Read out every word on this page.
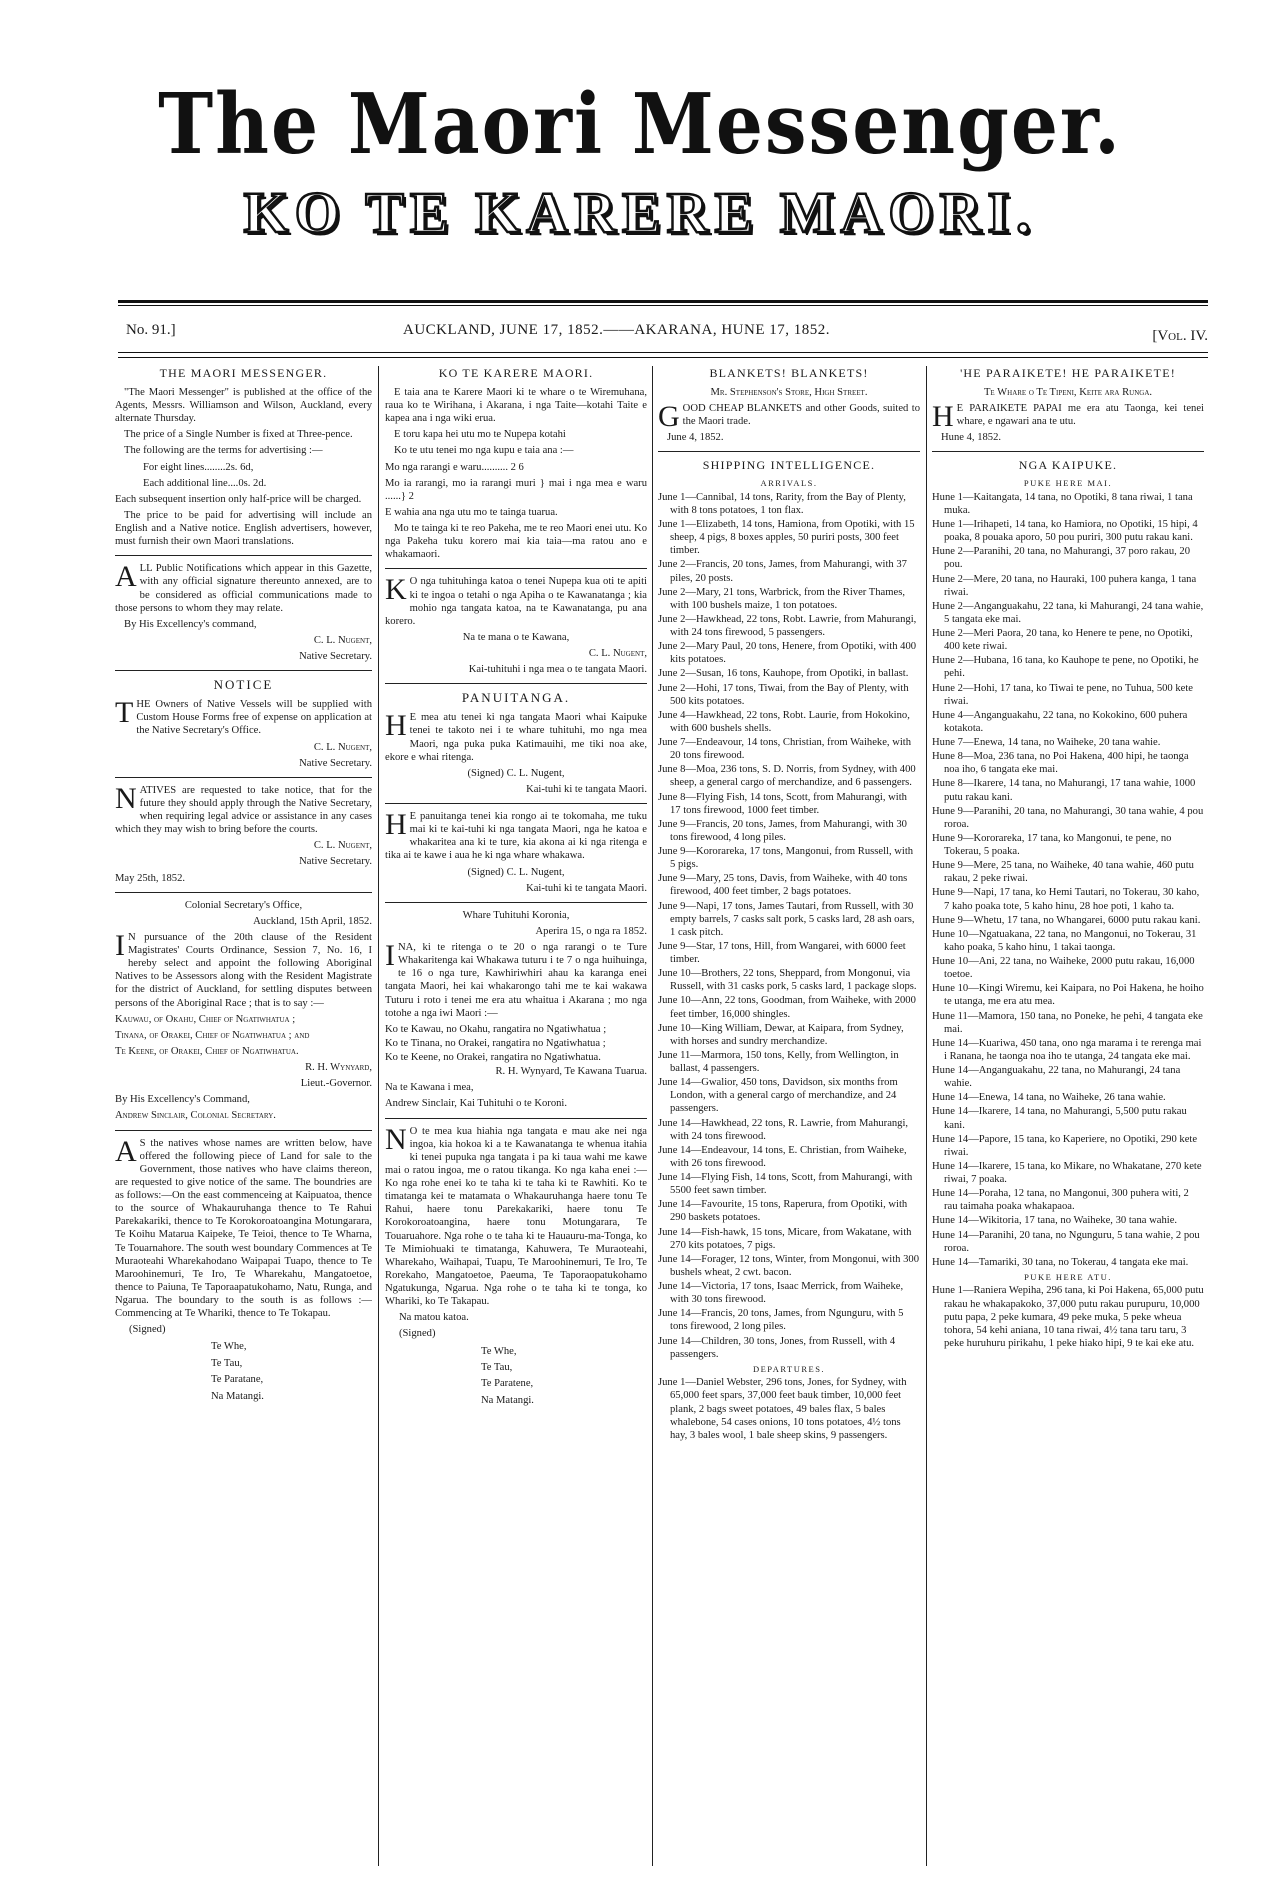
The Maori Messenger.
KO TE KARERE MAORI.
No. 91.]	AUCKLAND, JUNE 17, 1852.——AKARANA, HUNE 17, 1852.	[Vol. IV.
THE MAORI MESSENGER.

"The Maori Messenger" is published at the office of the Agents, Messrs. Williamson and Wilson, Auckland, every alternate Thursday.

The price of a Single Number is fixed at Three-pence.

The following are the terms for advertising :—

For eight lines........2s. 6d,

Each additional line....0s. 2d.

Each subsequent insertion only half-price will be charged.

The price to be paid for advertising will include an English and a Native notice. English advertisers, however, must furnish their own Maori translations.

ALL Public Notifications which appear in this Gazette, with any official signature thereunto annexed, are to be considered as official communications made to those persons to whom they may relate.

By His Excellency's command,

C. L. Nugent,

Native Secretary.

NOTICE

THE Owners of Native Vessels will be supplied with Custom House Forms free of expense on application at the Native Secretary's Office.

C. L. Nugent,

Native Secretary.

NATIVES are requested to take notice, that for the future they should apply through the Native Secretary, when requiring legal advice or assistance in any cases which they may wish to bring before the courts.

C. L. Nugent,

Native Secretary.

May 25th, 1852.

Colonial Secretary's Office,

Auckland, 15th April, 1852.

IN pursuance of the 20th clause of the Resident Magistrates' Courts Ordinance, Session 7, No. 16, I hereby select and appoint the following Aboriginal Natives to be Assessors along with the Resident Magistrate for the district of Auckland, for settling disputes between persons of the Aboriginal Race ; that is to say :—

Kauwau, of Okahu, Chief of Ngatiwhatua ;

Tinana, of Orakei, Chief of Ngatiwhatua ; and

Te Keene, of Orakei, Chief of Ngatiwhatua.

R. H. Wynyard,

Lieut.-Governor.

By His Excellency's Command,

Andrew Sinclair, Colonial Secretary.

AS the natives whose names are written below, have offered the following piece of Land for sale to the Government, those natives who have claims thereon, are requested to give notice of the same. The boundries are as follows:—On the east commenceing at Kaipuatoa, thence to the source of Whakauruhanga thence to Te Rahui Parekakariki, thence to Te Korokoroatoangina Motungarara, Te Koihu Matarua Kaipeke, Te Teioi, thence to Te Wharna, Te Touarnahore. The south west boundary Commences at Te Muraoteahi Wharekahodano Waipapai Tuapo, thence to Te Maroohinemuri, Te Iro, Te Wharekahu, Mangatoetoe, thence to Paiuna, Te Taporaapatukohamo, Natu, Runga, and Ngarua. The boundary to the south is as follows :—Commencing at Te Whariki, thence to Te Tokapau.

(Signed)

Te Whe,
Te Tau,
Te Paratane,
Na Matangi.
KO TE KARERE MAORI.

E taia ana te Karere Maori ki te whare o te Wiremuhana, raua ko te Wirihana, i Akarana, i nga Taite—kotahi Taite e kapea ana i nga wiki erua.

E toru kapa hei utu mo te Nupepa kotahi

Ko te utu tenei mo nga kupu e taia ana :—

Mo nga rarangi e waru.......... 2 6

Mo ia rarangi, mo ia rarangi muri } mai i nga mea e waru ......} 2

E wahia ana nga utu mo te tainga tuarua.

Mo te tainga ki te reo Pakeha, me te reo Maori enei utu. Ko nga Pakeha tuku korero mai kia taia—ma ratou ano e whakamaori.

KO nga tuhituhinga katoa o tenei Nupepa kua oti te apiti ki te ingoa o tetahi o nga Apiha o te Kawanatanga ; kia mohio nga tangata katoa, na te Kawanatanga, pu ana korero.

Na te mana o te Kawana,

C. L. Nugent,

Kai-tuhituhi i nga mea o te tangata Maori.

PANUITANGA.

HE mea atu tenei ki nga tangata Maori whai Kaipuke tenei te takoto nei i te whare tuhituhi, mo nga mea Maori, nga puka puka Katimauihi, me tiki noa ake, ekore e whai ritenga.

(Signed) C. L. Nugent,

Kai-tuhi ki te tangata Maori.

HE panuitanga tenei kia rongo ai te tokomaha, me tuku mai ki te kai-tuhi ki nga tangata Maori, nga he katoa e whakaritea ana ki te ture, kia akona ai ki nga ritenga e tika ai te kawe i aua he ki nga whare whakawa.

(Signed) C. L. Nugent,

Kai-tuhi ki te tangata Maori.

Whare Tuhituhi Koronia,

Aperira 15, o nga ra 1852.

INA, ki te ritenga o te 20 o nga rarangi o te Ture Whakaritenga kai Whakawa tuturu i te 7 o nga huihuinga, te 16 o nga ture, Kawhiriwhiri ahau ka karanga enei tangata Maori, hei kai whakarongo tahi me te kai wakawa Tuturu i roto i tenei me era atu whaitua i Akarana ; mo nga totohe a nga iwi Maori :—

Ko te Kawau, no Okahu, rangatira no Ngatiwhatua ;

Ko te Tinana, no Orakei, rangatira no Ngatiwhatua ;

Ko te Keene, no Orakei, rangatira no Ngatiwhatua.

R. H. Wynyard, Te Kawana Tuarua.

Na te Kawana i mea,

Andrew Sinclair, Kai Tuhituhi o te Koroni.

NO te mea kua hiahia nga tangata e mau ake nei nga ingoa, kia hokoa ki a te Kawanatanga te whenua itahia ki tenei pupuka nga tangata i pa ki taua wahi me kawe mai o ratou ingoa, me o ratou tikanga. Ko nga kaha enei :—Ko nga rohe enei ko te taha ki te taha ki te Rawhiti. Ko te timatanga kei te matamata o Whakauruhanga haere tonu Te Rahui, haere tonu Parekakariki, haere tonu Te Korokoroatoangina, haere tonu Motungarara, Te Touaruahore. Nga rohe o te taha ki te Hauauru-ma-Tonga, ko Te Mimiohuaki te timatanga, Kahuwera, Te Muraoteahi, Wharekaho, Waihapai, Tuapu, Te Maroohinemuri, Te Iro, Te Rorekaho, Mangatoetoe, Paeuma, Te Taporaopatukohamo Ngatukunga, Ngarua. Nga rohe o te taha ki te tonga, ko Whariki, ko Te Takapau.

Na matou katoa.

(Signed)

Te Whe,
Te Tau,
Te Paratene,
Na Matangi.
BLANKETS! BLANKETS!

Mr. Stephenson's Store, High Street.

GOOD CHEAP BLANKETS and other Goods, suited to the Maori trade.

June 4, 1852.

SHIPPING INTELLIGENCE.
ARRIVALS.

June 1—Cannibal, 14 tons, Rarity, from the Bay of Plenty, with 8 tons potatoes, 1 ton flax.

June 1—Elizabeth, 14 tons, Hamiona, from Opotiki, with 15 sheep, 4 pigs, 8 boxes apples, 50 puriri posts, 300 feet timber.

June 2—Francis, 20 tons, James, from Mahurangi, with 37 piles, 20 posts.

June 2—Mary, 21 tons, Warbrick, from the River Thames, with 100 bushels maize, 1 ton potatoes.

June 2—Hawkhead, 22 tons, Robt. Lawrie, from Mahurangi, with 24 tons firewood, 5 passengers.

June 2—Mary Paul, 20 tons, Henere, from Opotiki, with 400 kits potatoes.

June 2—Susan, 16 tons, Kauhope, from Opotiki, in ballast.

June 2—Hohi, 17 tons, Tiwai, from the Bay of Plenty, with 500 kits potatoes.

June 4—Hawkhead, 22 tons, Robt. Laurie, from Hokokino, with 600 bushels shells.

June 7—Endeavour, 14 tons, Christian, from Waiheke, with 20 tons firewood.

June 8—Moa, 236 tons, S. D. Norris, from Sydney, with 400 sheep, a general cargo of merchandize, and 6 passengers.

June 8—Flying Fish, 14 tons, Scott, from Mahurangi, with 17 tons firewood, 1000 feet timber.

June 9—Francis, 20 tons, James, from Mahurangi, with 30 tons firewood, 4 long piles.

June 9—Kororareka, 17 tons, Mangonui, from Russell, with 5 pigs.

June 9—Mary, 25 tons, Davis, from Waiheke, with 40 tons firewood, 400 feet timber, 2 bags potatoes.

June 9—Napi, 17 tons, James Tautari, from Russell, with 30 empty barrels, 7 casks salt pork, 5 casks lard, 28 ash oars, 1 cask pitch.

June 9—Star, 17 tons, Hill, from Wangarei, with 6000 feet timber.

June 10—Brothers, 22 tons, Sheppard, from Mongonui, via Russell, with 31 casks pork, 5 casks lard, 1 package slops.

June 10—Ann, 22 tons, Goodman, from Waiheke, with 2000 feet timber, 16,000 shingles.

June 10—King William, Dewar, at Kaipara, from Sydney, with horses and sundry merchandize.

June 11—Marmora, 150 tons, Kelly, from Wellington, in ballast, 4 passengers.

June 14—Gwalior, 450 tons, Davidson, six months from London, with a general cargo of merchandize, and 24 passengers.

June 14—Hawkhead, 22 tons, R. Lawrie, from Mahurangi, with 24 tons firewood.

June 14—Endeavour, 14 tons, E. Christian, from Waiheke, with 26 tons firewood.

June 14—Flying Fish, 14 tons, Scott, from Mahurangi, with 5500 feet sawn timber.

June 14—Favourite, 15 tons, Raperura, from Opotiki, with 290 baskets potatoes.

June 14—Fish-hawk, 15 tons, Micare, from Wakatane, with 270 kits potatoes, 7 pigs.

June 14—Forager, 12 tons, Winter, from Mongonui, with 300 bushels wheat, 2 cwt. bacon.

June 14—Victoria, 17 tons, Isaac Merrick, from Waiheke, with 30 tons firewood.

June 14—Francis, 20 tons, James, from Ngunguru, with 5 tons firewood, 2 long piles.

June 14—Children, 30 tons, Jones, from Russell, with 4 passengers.

DEPARTURES.

June 1—Daniel Webster, 296 tons, Jones, for Sydney, with 65,000 feet spars, 37,000 feet bauk timber, 10,000 feet plank, 2 bags sweet potatoes, 49 bales flax, 5 bales whalebone, 54 cases onions, 10 tons potatoes, 4½ tons hay, 3 bales wool, 1 bale sheep skins, 9 passengers.

'HE PARAIKETE! HE PARAIKETE!

Te Whare o Te Tipeni, Keite ara Runga.

HE PARAIKETE PAPAI me era atu Taonga, kei tenei whare, e ngawari ana te utu.

Hune 4, 1852.

NGA KAIPUKE.
PUKE HERE MAI.

Hune 1—Kaitangata, 14 tana, no Opotiki, 8 tana riwai, 1 tana muka.

Hune 1—Irihapeti, 14 tana, ko Hamiora, no Opotiki, 15 hipi, 4 poaka, 8 pouaka aporo, 50 pou puriri, 300 putu rakau kani.

Hune 2—Paranihi, 20 tana, no Mahurangi, 37 poro rakau, 20 pou.

Hune 2—Mere, 20 tana, no Hauraki, 100 puhera kanga, 1 tana riwai.

Hune 2—Anganguakahu, 22 tana, ki Mahurangi, 24 tana wahie, 5 tangata eke mai.

Hune 2—Meri Paora, 20 tana, ko Henere te pene, no Opotiki, 400 kete riwai.

Hune 2—Hubana, 16 tana, ko Kauhope te pene, no Opotiki, he pehi.

Hune 2—Hohi, 17 tana, ko Tiwai te pene, no Tuhua, 500 kete riwai.

Hune 4—Anganguakahu, 22 tana, no Kokokino, 600 puhera kotakota.

Hune 7—Enewa, 14 tana, no Waiheke, 20 tana wahie.

Hune 8—Moa, 236 tana, no Poi Hakena, 400 hipi, he taonga noa iho, 6 tangata eke mai.

Hune 8—Ikarere, 14 tana, no Mahurangi, 17 tana wahie, 1000 putu rakau kani.

Hune 9—Paranihi, 20 tana, no Mahurangi, 30 tana wahie, 4 pou roroa.

Hune 9—Kororareka, 17 tana, ko Mangonui, te pene, no Tokerau, 5 poaka.

Hune 9—Mere, 25 tana, no Waiheke, 40 tana wahie, 460 putu rakau, 2 peke riwai.

Hune 9—Napi, 17 tana, ko Hemi Tautari, no Tokerau, 30 kaho, 7 kaho poaka tote, 5 kaho hinu, 28 hoe poti, 1 kaho ta.

Hune 9—Whetu, 17 tana, no Whangarei, 6000 putu rakau kani.

Hune 10—Ngatuakana, 22 tana, no Mangonui, no Tokerau, 31 kaho poaka, 5 kaho hinu, 1 takai taonga.

Hune 10—Ani, 22 tana, no Waiheke, 2000 putu rakau, 16,000 toetoe.

Hune 10—Kingi Wiremu, kei Kaipara, no Poi Hakena, he hoiho te utanga, me era atu mea.

Hune 11—Mamora, 150 tana, no Poneke, he pehi, 4 tangata eke mai.

Hune 14—Kuariwa, 450 tana, ono nga marama i te rerenga mai i Ranana, he taonga noa iho te utanga, 24 tangata eke mai.

Hune 14—Anganguakahu, 22 tana, no Mahurangi, 24 tana wahie.

Hune 14—Enewa, 14 tana, no Waiheke, 26 tana wahie.

Hune 14—Ikarere, 14 tana, no Mahurangi, 5,500 putu rakau kani.

Hune 14—Papore, 15 tana, ko Kaperiere, no Opotiki, 290 kete riwai.

Hune 14—Ikarere, 15 tana, ko Mikare, no Whakatane, 270 kete riwai, 7 poaka.

Hune 14—Poraha, 12 tana, no Mangonui, 300 puhera witi, 2 rau taimaha poaka whakapaoa.

Hune 14—Wikitoria, 17 tana, no Waiheke, 30 tana wahie.

Hune 14—Paranihi, 20 tana, no Ngunguru, 5 tana wahie, 2 pou roroa.

Hune 14—Tamariki, 30 tana, no Tokerau, 4 tangata eke mai.

PUKE HERE ATU.

Hune 1—Raniera Wepiha, 296 tana, ki Poi Hakena, 65,000 putu rakau he whakapakoko, 37,000 putu rakau purupuru, 10,000 putu papa, 2 peke kumara, 49 peke muka, 5 peke wheua tohora, 54 kehi aniana, 10 tana riwai, 4½ tana taru taru, 3 peke huruhuru pirikahu, 1 peke hiako hipi, 9 te kai eke atu.
